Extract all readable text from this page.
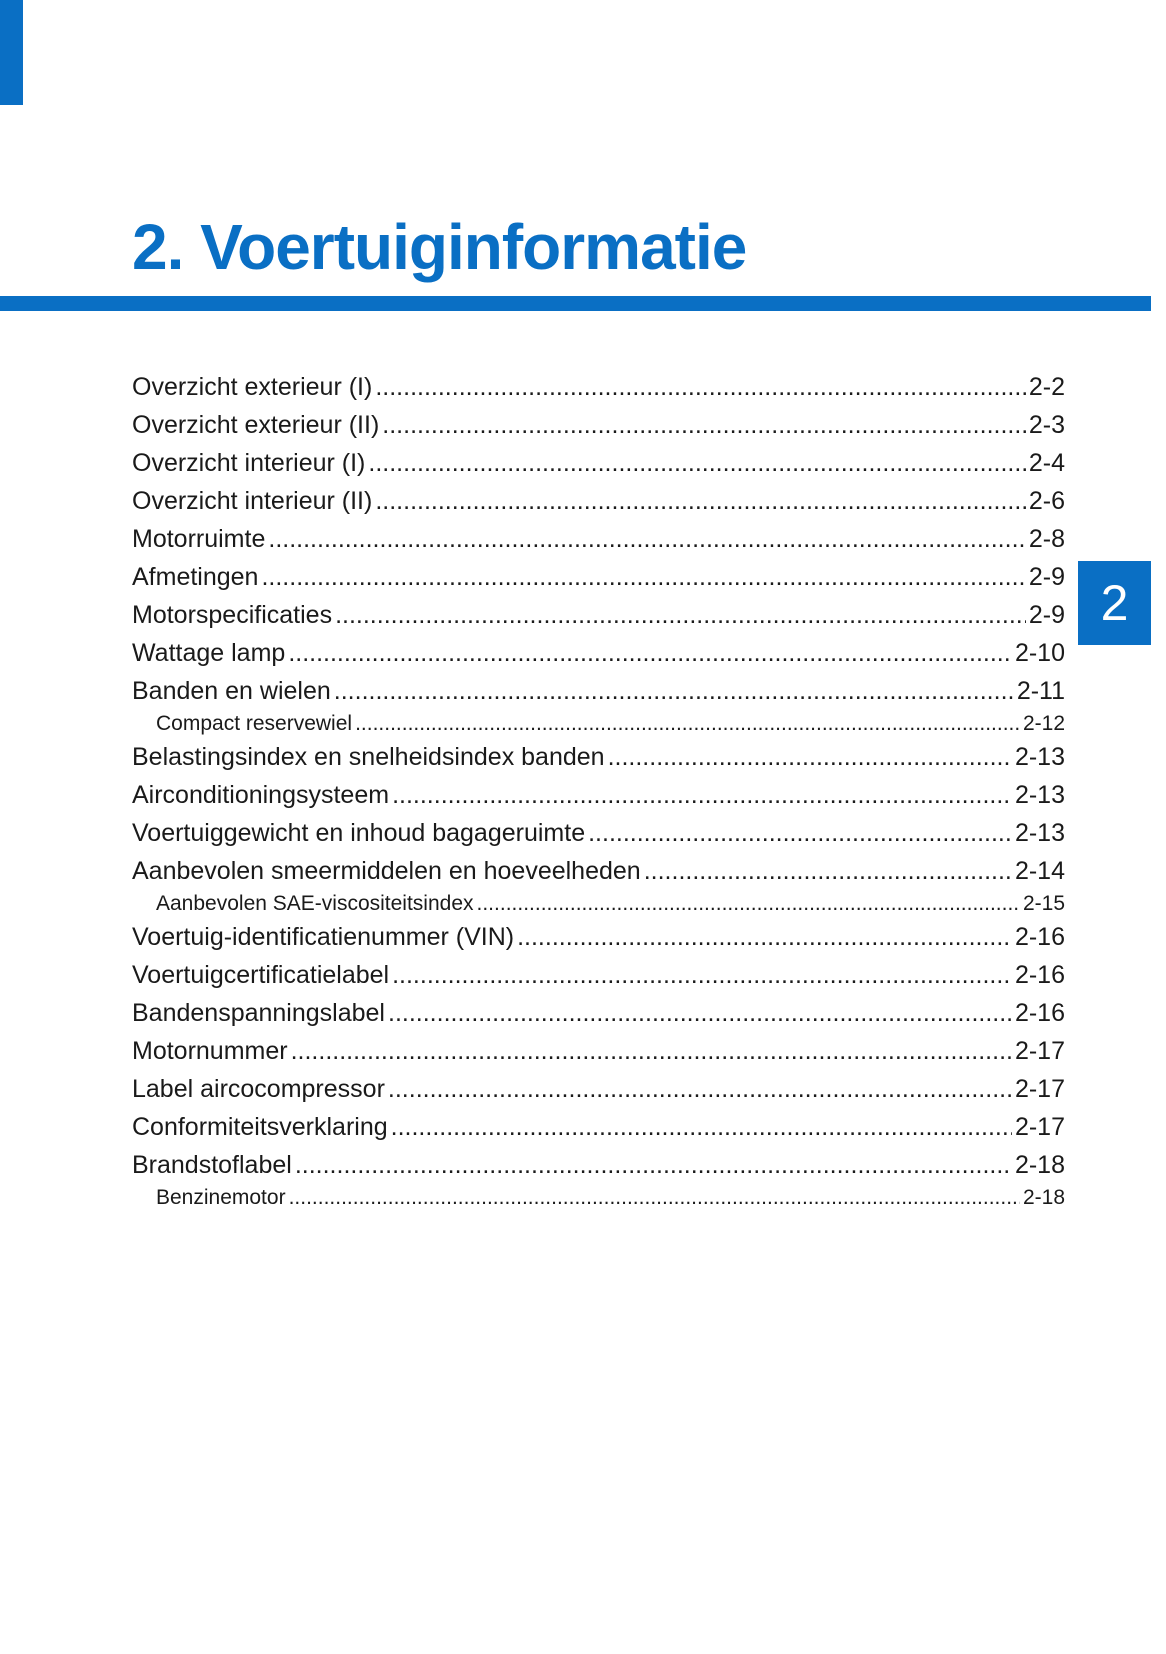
2. Voertuiginformatie
2
Overzicht exterieur (I) .....	2-2
Overzicht exterieur (II) .....	2-3
Overzicht interieur (I) .....	2-4
Overzicht interieur (II) .....	2-6
Motorruimte .....	2-8
Afmetingen .....	2-9
Motorspecificaties .....	2-9
Wattage lamp .....	2-10
Banden en wielen .....	2-11
Compact reservewiel .....	2-12
Belastingsindex en snelheidsindex banden .....	2-13
Airconditioningsysteem .....	2-13
Voertuiggewicht en inhoud bagageruimte .....	2-13
Aanbevolen smeermiddelen en hoeveelheden .....	2-14
Aanbevolen SAE-viscositeitsindex .....	2-15
Voertuig-identificatienummer (VIN) .....	2-16
Voertuigcertificatielabel .....	2-16
Bandenspanningslabel .....	2-16
Motornummer .....	2-17
Label aircocompressor .....	2-17
Conformiteitsverklaring .....	2-17
Brandstoflabel .....	2-18
Benzinemotor .....	2-18
